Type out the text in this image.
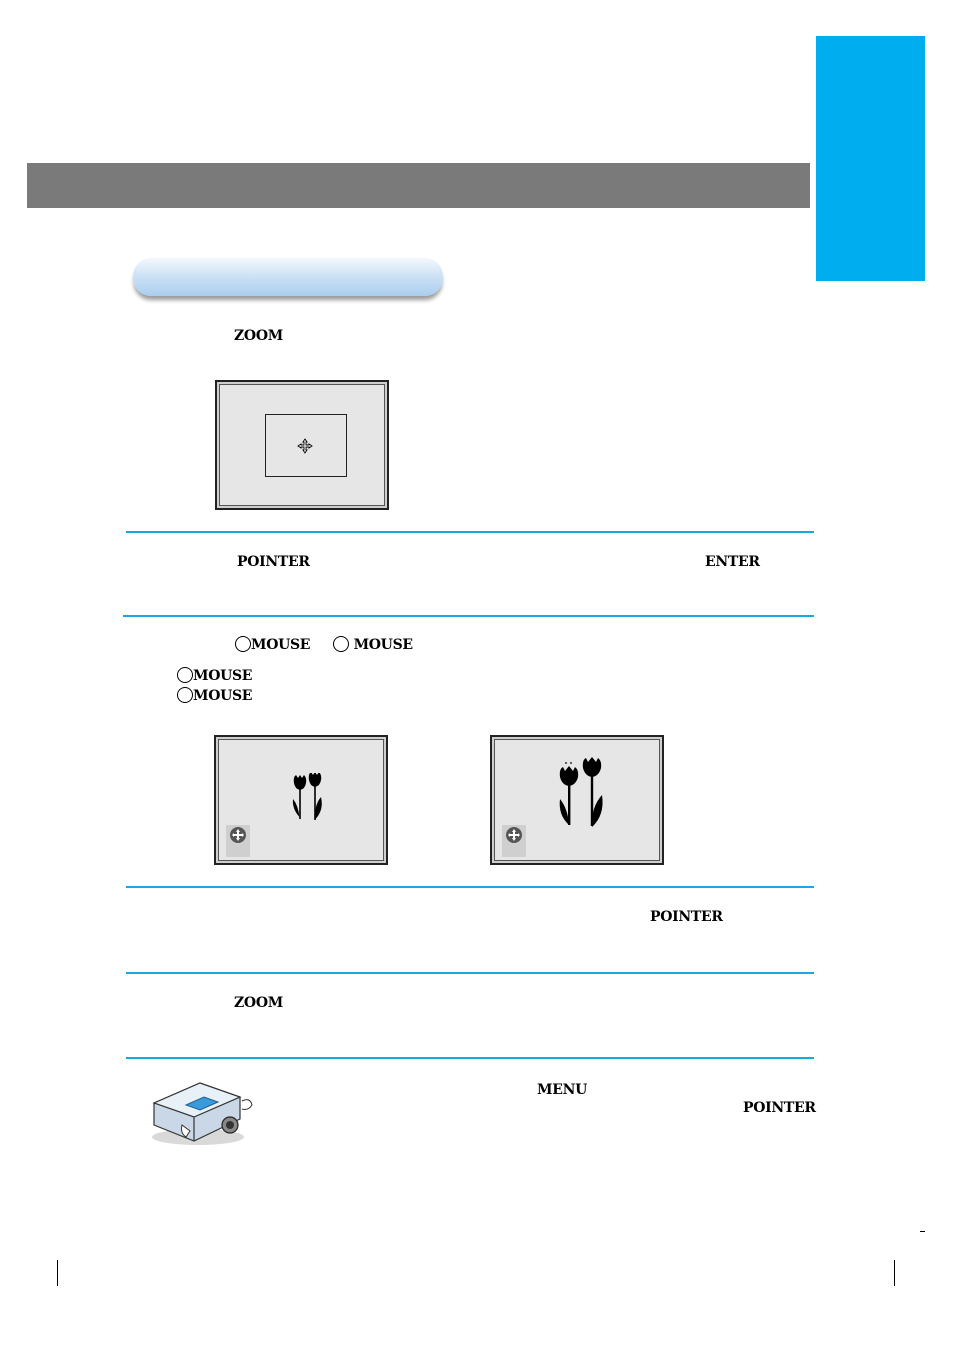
ZOOM
POINTER	ENTER
MOUSE	MOUSE
MOUSE
MOUSE
POINTER
ZOOM
MENU
POINTER
